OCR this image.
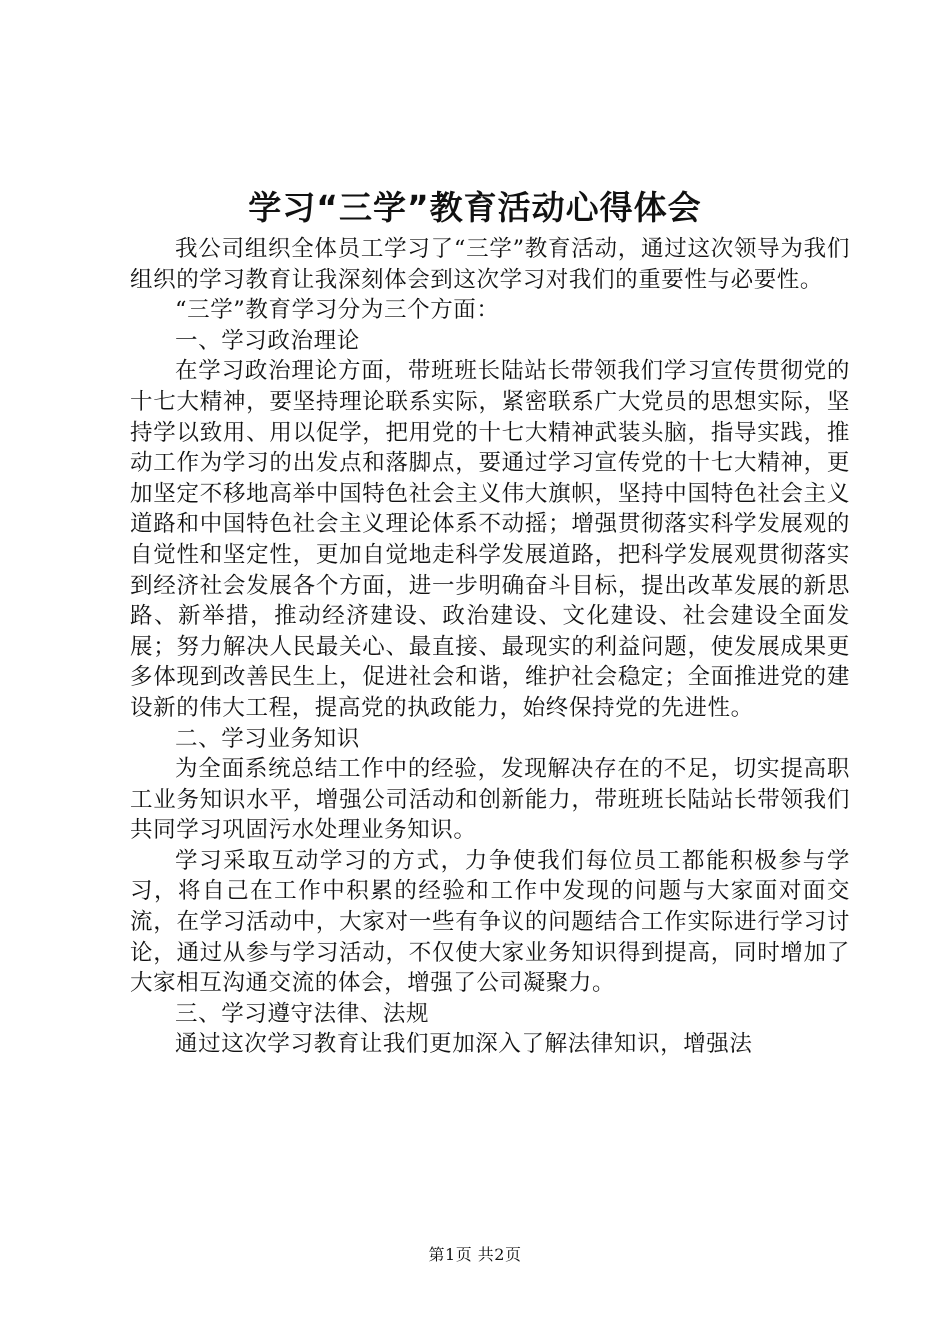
学习“三学”教育活动心得体会

我公司组织全体员工学习了“三学”教育活动，通过这次领导为我们组织的学习教育让我深刻体会到这次学习对我们的重要性与必要性。

“三学”教育学习分为三个方面：

一、学习政治理论

在学习政治理论方面，带班班长陆站长带领我们学习宣传贯彻党的十七大精神，要坚持理论联系实际，紧密联系广大党员的思想实际，坚持学以致用、用以促学，把用党的十七大精神武装头脑，指导实践，推动工作为学习的出发点和落脚点，要通过学习宣传党的十七大精神，更加坚定不移地高举中国特色社会主义伟大旗帜，坚持中国特色社会主义道路和中国特色社会主义理论体系不动摇；增强贯彻落实科学发展观的自觉性和坚定性，更加自觉地走科学发展道路，把科学发展观贯彻落实到经济社会发展各个方面，进一步明确奋斗目标，提出改革发展的新思路、新举措，推动经济建设、政治建设、文化建设、社会建设全面发展；努力解决人民最关心、最直接、最现实的利益问题，使发展成果更多体现到改善民生上，促进社会和谐，维护社会稳定；全面推进党的建设新的伟大工程，提高党的执政能力，始终保持党的先进性。

二、学习业务知识

为全面系统总结工作中的经验，发现解决存在的不足，切实提高职工业务知识水平，增强公司活动和创新能力，带班班长陆站长带领我们共同学习巩固污水处理业务知识。

学习采取互动学习的方式，力争使我们每位员工都能积极参与学习，将自己在工作中积累的经验和工作中发现的问题与大家面对面交流，在学习活动中，大家对一些有争议的问题结合工作实际进行学习讨论，通过从参与学习活动，不仅使大家业务知识得到提高，同时增加了大家相互沟通交流的体会，增强了公司凝聚力。

三、学习遵守法律、法规

通过这次学习教育让我们更加深入了解法律知识，增强法

第1页 共2页
